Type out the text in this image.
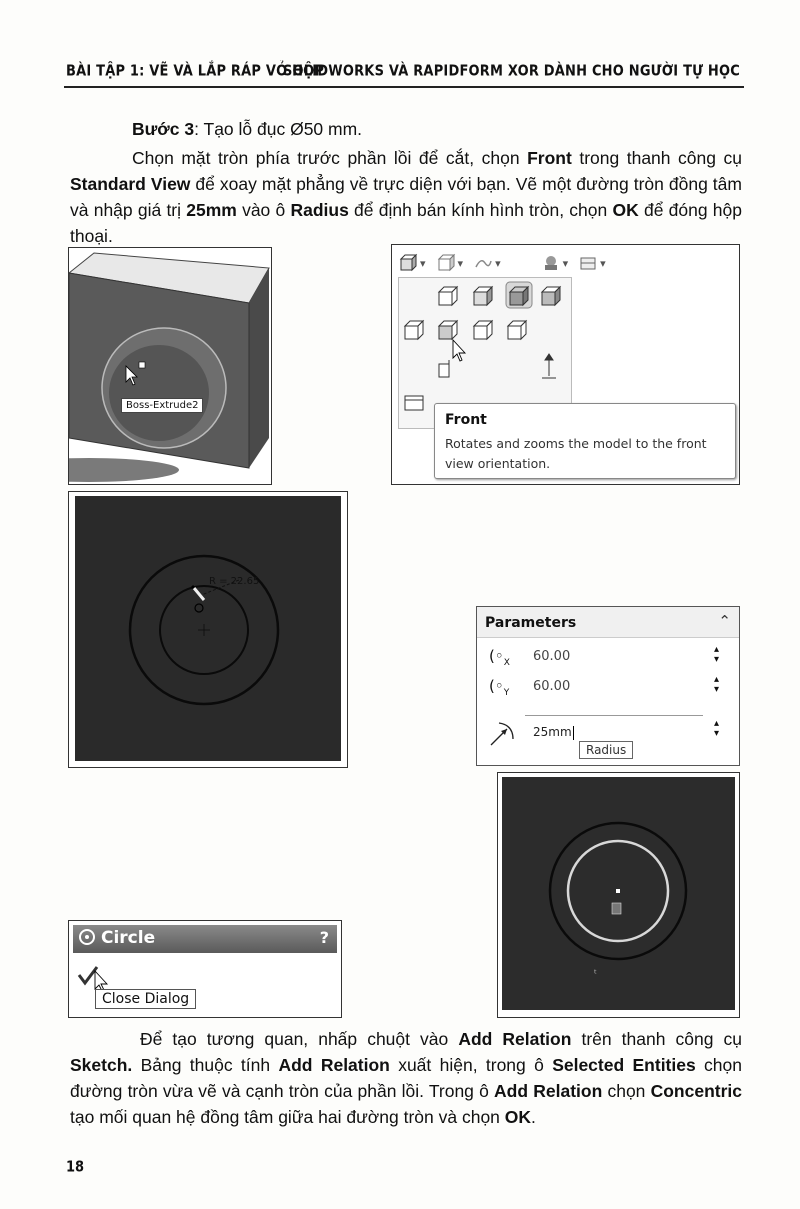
BÀI TẬP 1: VẼ VÀ LẮP RÁP VỎ HỘP
SOLIDWORKS VÀ RAPIDFORM XOR DÀNH CHO NGƯỜI TỰ HỌC
Bước 3: Tạo lỗ đục Ø50 mm.
Chọn mặt tròn phía trước phần lồi để cắt, chọn Front trong thanh công cụ Standard View để xoay mặt phẳng về trực diện với bạn. Vẽ một đường tròn đồng tâm và nhập giá trị 25mm vào ô Radius để định bán kính hình tròn, chọn OK để đóng hộp thoại.
Boss-Extrude2
▾	▾	▾	▾	▾
Front
Rotates and zooms the model to the front view orientation.
R = 22.65
Parameters	⌃
($◦_X$ 60.00	▴
▾
($◦_Y$ 60.00	▴
▾
25mm
▴
▾
Radius
ᵗ
Circle	?
Close Dialog
Để tạo tương quan, nhấp chuột vào Add Relation trên thanh công cụ Sketch. Bảng thuộc tính Add Relation xuất hiện, trong ô Selected Entities chọn đường tròn vừa vẽ và cạnh tròn của phần lồi. Trong ô Add Relation chọn Concentric tạo mối quan hệ đồng tâm giữa hai đường tròn và chọn OK.
18
